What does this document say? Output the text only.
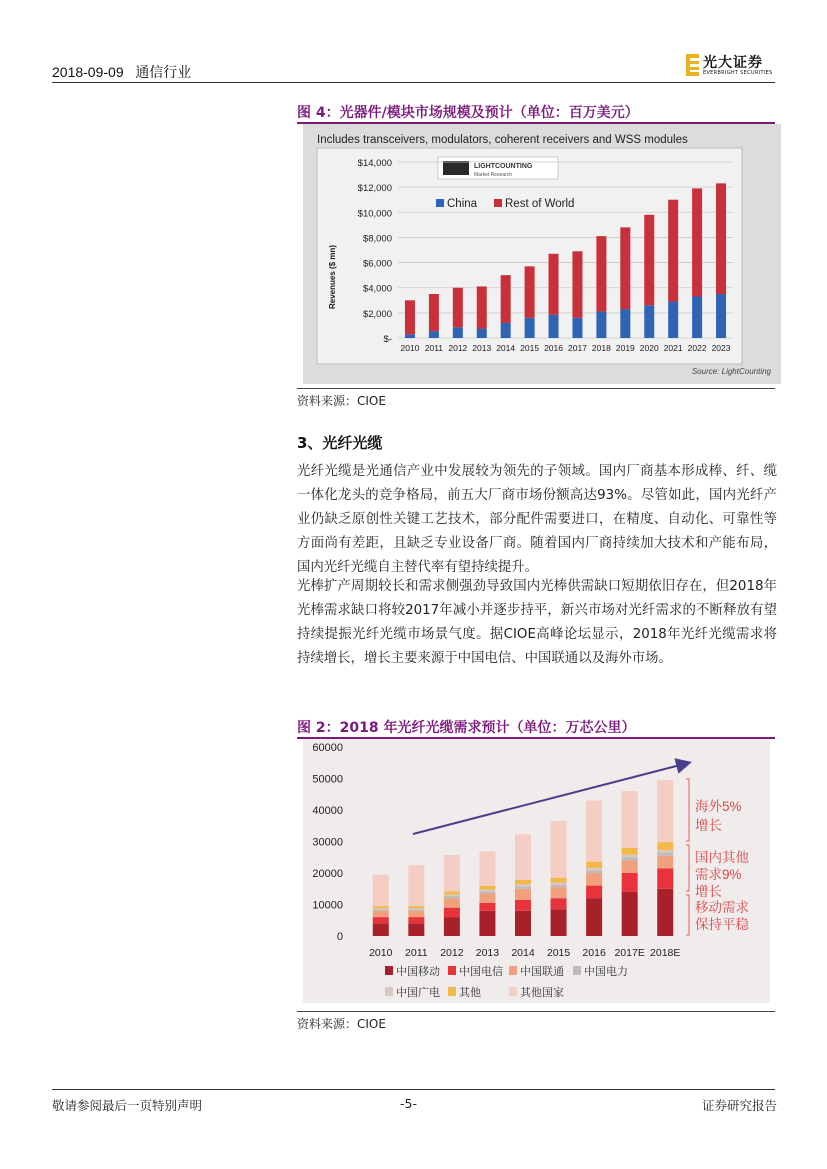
2018-09-09 通信行业
光大证券
EVERBRIGHT SECURITIES
图 4：光器件/模块市场规模及预计（单位：百万美元）
Includes transceivers, modulators, coherent receivers and WSS modules
LIGHTCOUNTING
Market Research
Revenues ($ mn)
Source: LightCounting
$-
$2,000
$4,000
$6,000
$8,000
$10,000
$12,000
$14,000
2010 2011 2012 2013 2014 2015 2016 2017 2018 2019 2020 2021 2022 2023
China Rest of World
资料来源：CIOE
3、光纤光缆
光纤光缆是光通信产业中发展较为领先的子领域。国内厂商基本形成棒、纤、缆一体化龙头的竞争格局，前五大厂商市场份额高达93%。尽管如此，国内光纤产业仍缺乏原创性关键工艺技术，部分配件需要进口，在精度、自动化、可靠性等方面尚有差距，且缺乏专业设备厂商。随着国内厂商持续加大技术和产能布局，国内光纤光缆自主替代率有望持续提升。
光棒扩产周期较长和需求侧强劲导致国内光棒供需缺口短期依旧存在，但2018年光棒需求缺口将较2017年减小并逐步持平，新兴市场对光纤需求的不断释放有望持续提振光纤光缆市场景气度。据CIOE高峰论坛显示，2018年光纤光缆需求将持续增长，增长主要来源于中国电信、中国联通以及海外市场。
图 2：2018 年光纤光缆需求预计（单位：万芯公里）
海外5%
增长
国内其他
需求9%
增长
移动需求
保持平稳
0
10000
20000
30000
40000
50000
60000
2010 2011 2012 2013 2014 2015 2016 2017E 2018E
中国移动 中国电信 中国联通 中国电力
中国广电 其他	其他国家
资料来源：CIOE
敬请参阅最后一页特别声明	-5-	证券研究报告
